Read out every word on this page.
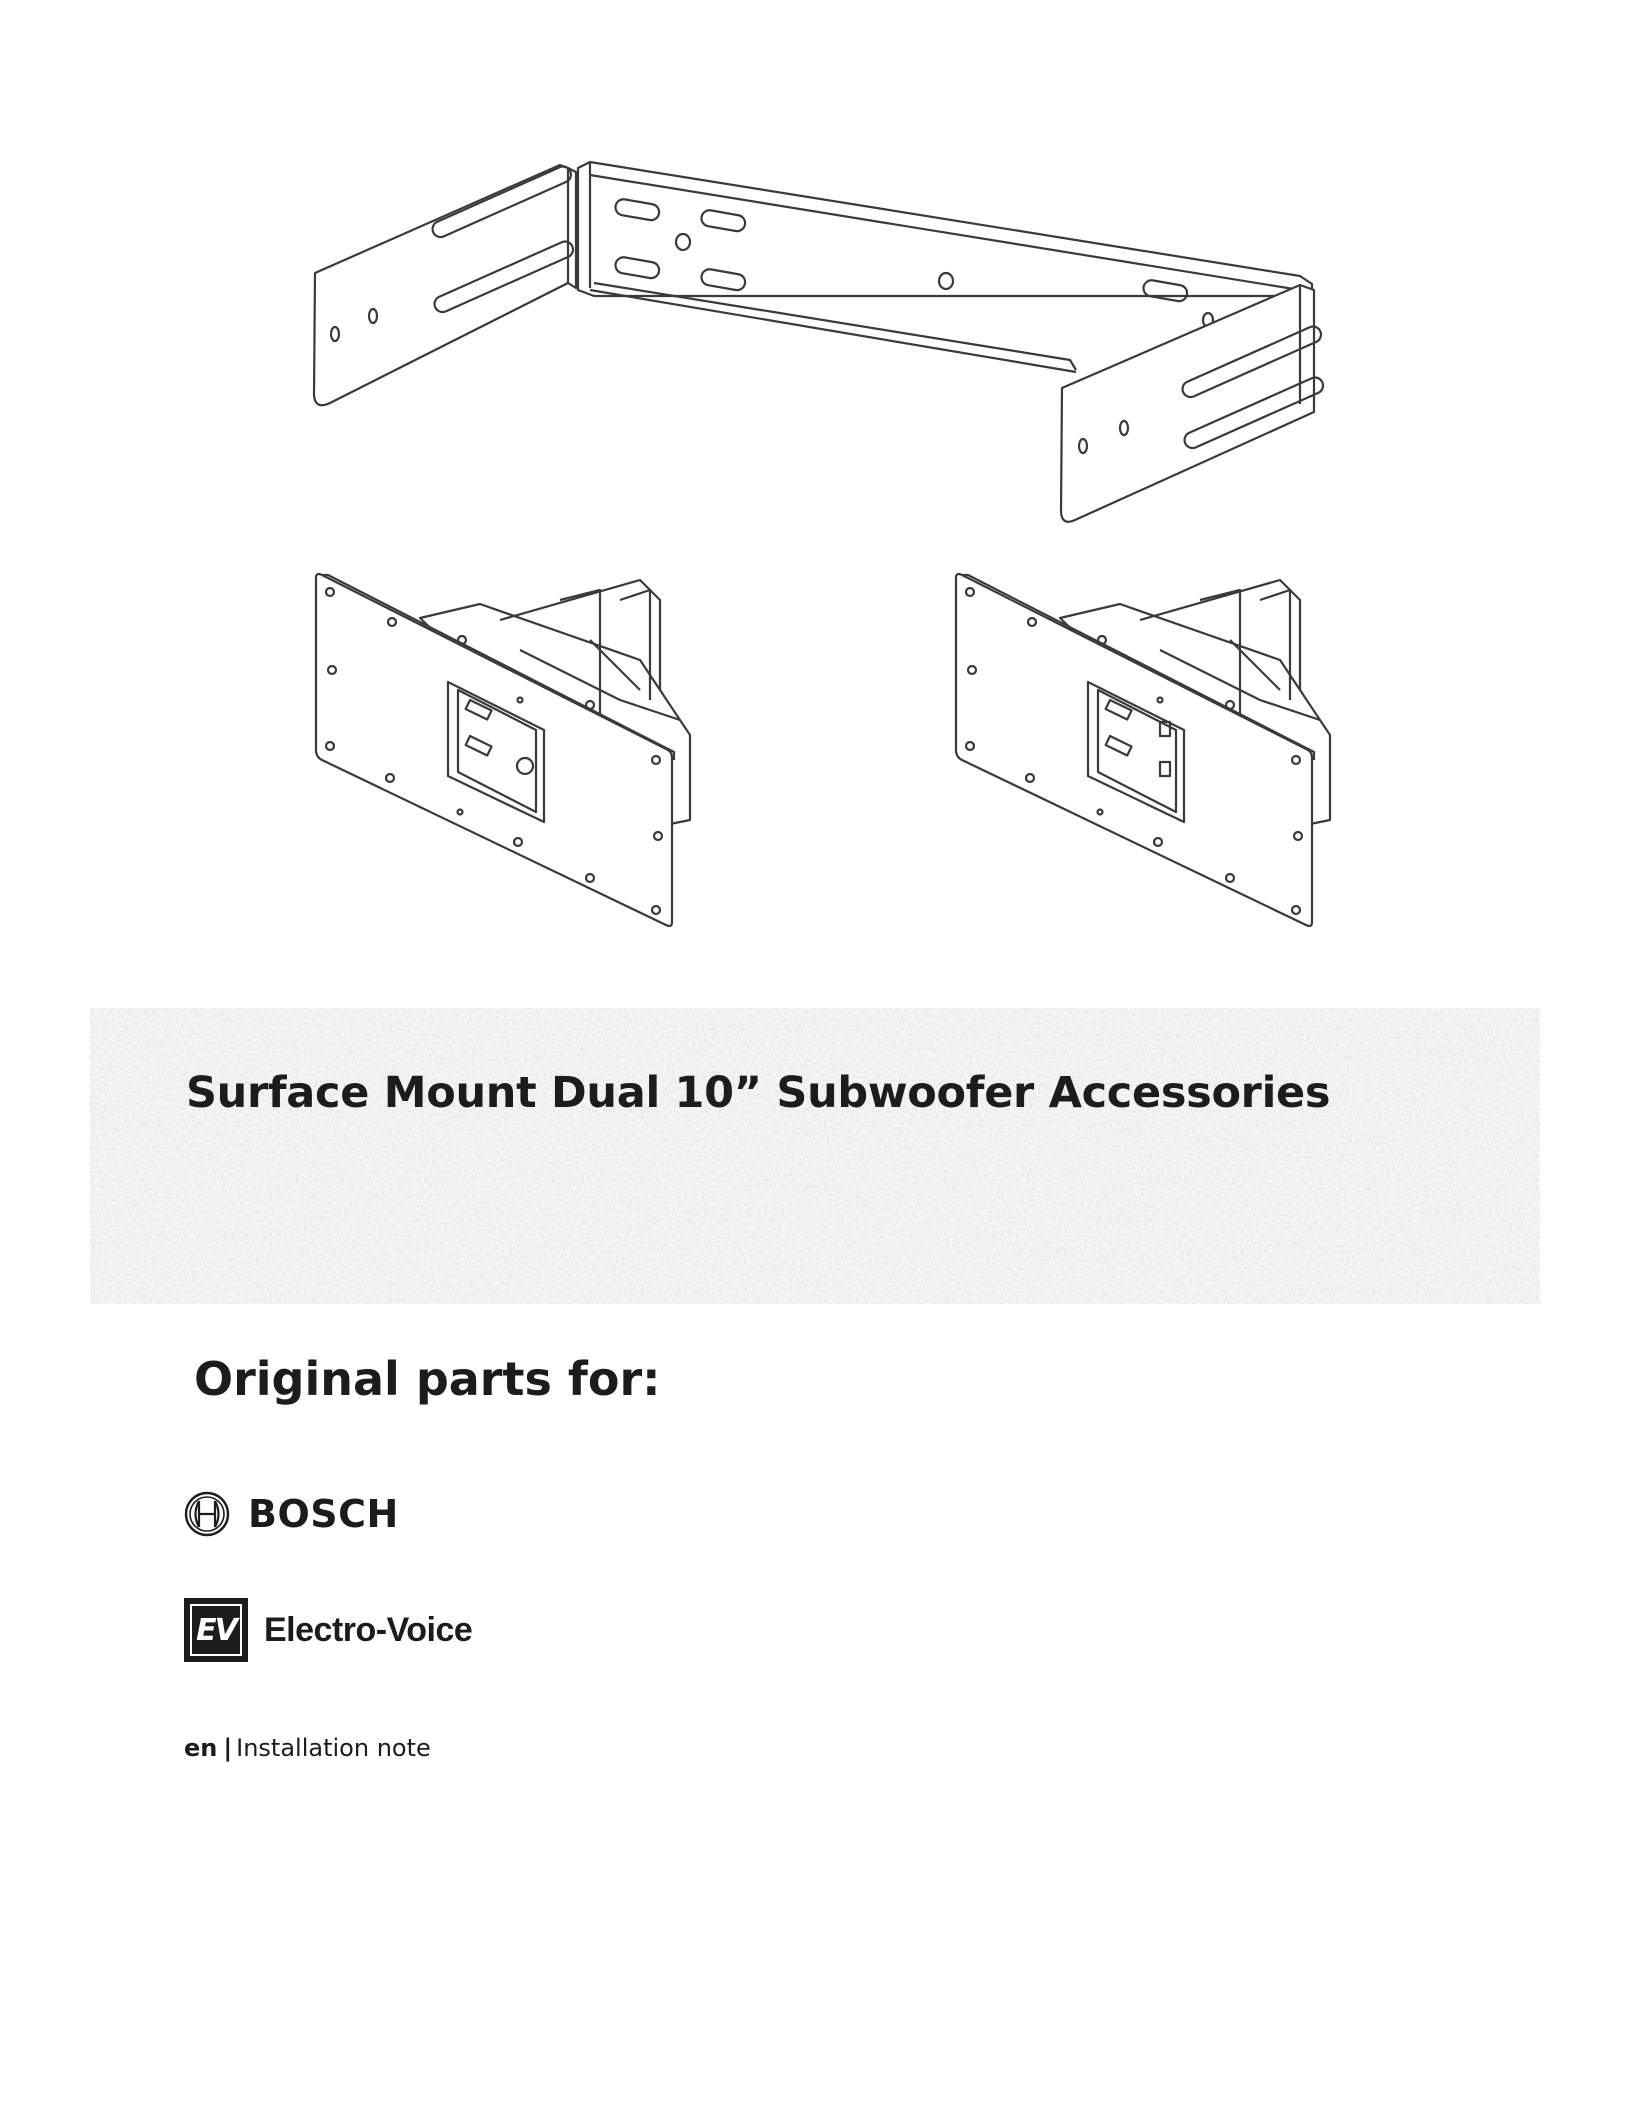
Surface Mount Dual 10” Subwoofer Accessories
Original parts for:
BOSCH
EV Electro-Voice
en | Installation note
